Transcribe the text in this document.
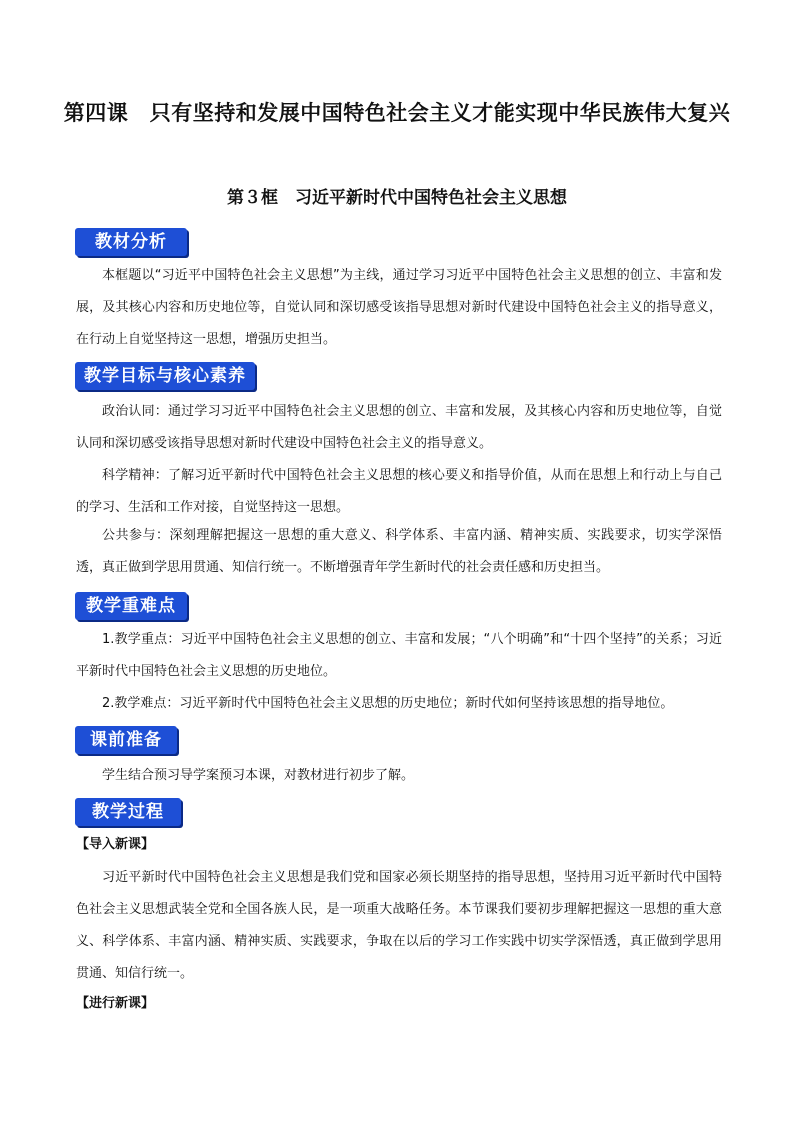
第四课　只有坚持和发展中国特色社会主义才能实现中华民族伟大复兴
第３框　习近平新时代中国特色社会主义思想
教材分析

本框题以“习近平中国特色社会主义思想”为主线，通过学习习近平中国特色社会主义思想的创立、丰富和发展，及其核心内容和历史地位等，自觉认同和深切感受该指导思想对新时代建设中国特色社会主义的指导意义，在行动上自觉坚持这一思想，增强历史担当。

教学目标与核心素养

政治认同：通过学习习近平中国特色社会主义思想的创立、丰富和发展，及其核心内容和历史地位等，自觉认同和深切感受该指导思想对新时代建设中国特色社会主义的指导意义。

科学精神：了解习近平新时代中国特色社会主义思想的核心要义和指导价值，从而在思想上和行动上与自己的学习、生活和工作对接，自觉坚持这一思想。

公共参与：深刻理解把握这一思想的重大意义、科学体系、丰富内涵、精神实质、实践要求，切实学深悟透，真正做到学思用贯通、知信行统一。不断增强青年学生新时代的社会责任感和历史担当。

教学重难点

1.教学重点：习近平中国特色社会主义思想的创立、丰富和发展；“八个明确”和“十四个坚持”的关系；习近平新时代中国特色社会主义思想的历史地位。

2.教学难点：习近平新时代中国特色社会主义思想的历史地位；新时代如何坚持该思想的指导地位。

课前准备

学生结合预习导学案预习本课，对教材进行初步了解。

教学过程

【导入新课】

习近平新时代中国特色社会主义思想是我们党和国家必须长期坚持的指导思想，坚持用习近平新时代中国特色社会主义思想武装全党和全国各族人民，是一项重大战略任务。本节课我们要初步理解把握这一思想的重大意义、科学体系、丰富内涵、精神实质、实践要求，争取在以后的学习工作实践中切实学深悟透，真正做到学思用贯通、知信行统一。

【进行新课】
